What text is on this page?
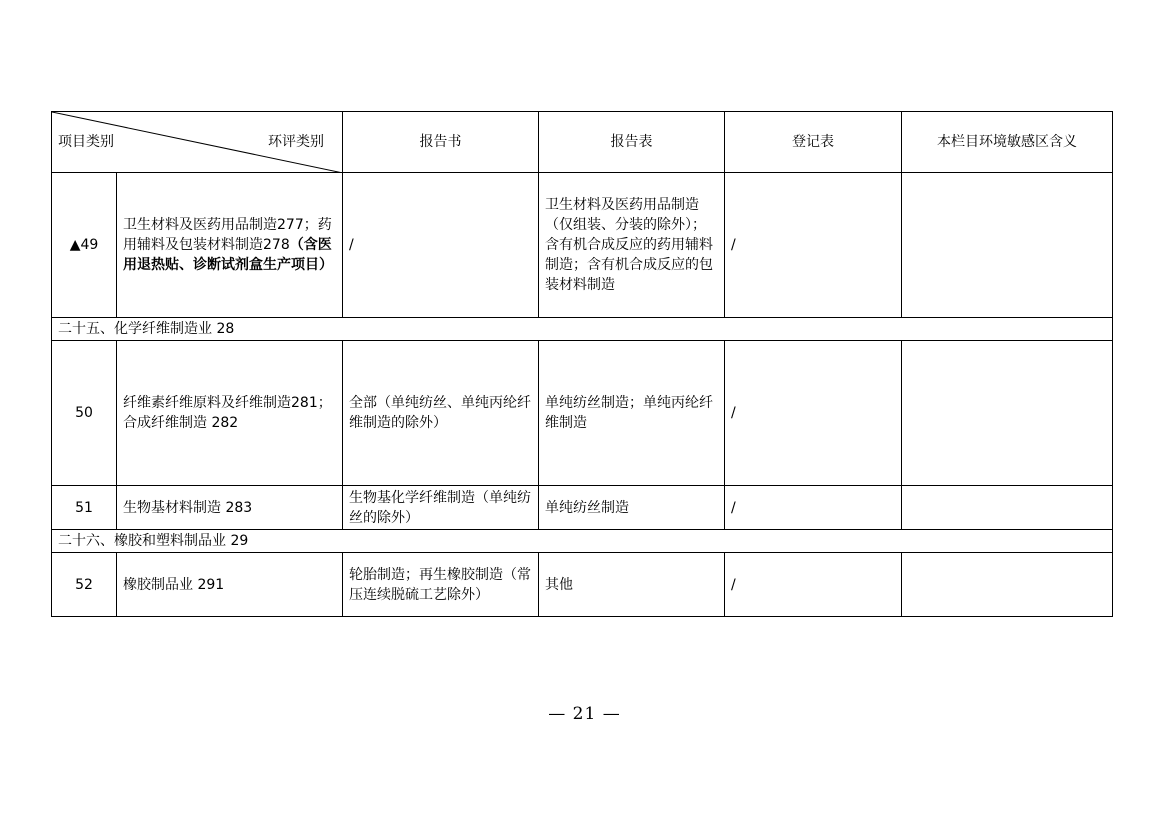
项目类别 环评类别		报告书	报告表	登记表	本栏目环境敏感区含义
▲49	卫生材料及医药用品制造277；药用辅料及包装材料制造278（含医用退热贴、诊断试剂盒生产项目）	/	卫生材料及医药用品制造（仅组装、分装的除外）；含有机合成反应的药用辅料制造；含有机合成反应的包装材料制造	/	
二十五、化学纤维制造业 28					
50	纤维素纤维原料及纤维制造281；合成纤维制造 282	全部（单纯纺丝、单纯丙纶纤维制造的除外）	单纯纺丝制造；单纯丙纶纤维制造	/	
51	生物基材料制造 283	生物基化学纤维制造（单纯纺丝的除外）	单纯纺丝制造	/	
二十六、橡胶和塑料制品业 29					
52	橡胶制品业 291	轮胎制造；再生橡胶制造（常压连续脱硫工艺除外）	其他	/	
— 21 —
